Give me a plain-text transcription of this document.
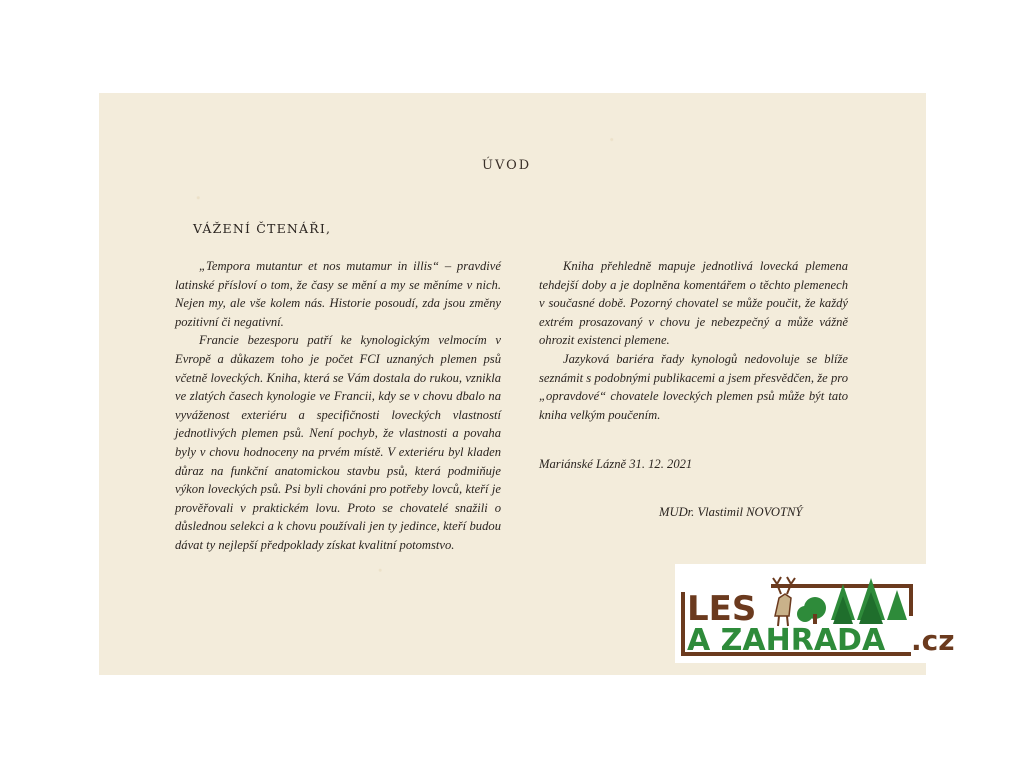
ÚVOD
VÁŽENÍ ČTENÁŘI,

„Tempora mutantur et nos mutamur in illis“ – pravdivé latinské přísloví o tom, že časy se mění a my se měníme v nich. Nejen my, ale vše kolem nás. Historie posoudí, zda jsou změny pozitivní či negativní.

Francie bezesporu patří ke kynologickým velmocím v Evropě a důkazem toho je počet FCI uznaných plemen psů včetně loveckých. Kniha, která se Vám dostala do rukou, vznikla ve zlatých časech kynologie ve Francii, kdy se v chovu dbalo na vyváženost exteriéru a specifičnosti loveckých vlastností jednotlivých plemen psů. Není pochyb, že vlastnosti a povaha byly v chovu hodnoceny na prvém místě. V exteriéru byl kladen důraz na funkční anatomickou stavbu psů, která podmiňuje výkon loveckých psů. Psi byli chováni pro potřeby lovců, kteří je prověřovali v praktickém lovu. Proto se chovatelé snažili o důslednou selekci a k chovu používali jen ty jedince, kteří budou dávat ty nejlepší předpoklady získat kvalitní potomstvo.

Kniha přehledně mapuje jednotlivá lovecká plemena tehdejší doby a je doplněna komentářem o těchto plemenech v současné době. Pozorný chovatel se může poučit, že každý extrém prosazovaný v chovu je nebezpečný a může vážně ohrozit existenci plemene.

Jazyková bariéra řady kynologů nedovoluje se blíže seznámit s podobnými publikacemi a jsem přesvědčen, že pro „opravdové“ chovatele loveckých plemen psů může být tato kniha velkým poučením.

Mariánské Lázně 31. 12. 2021
MUDr. Vlastimil NOVOTNÝ
LES
A ZAHRADA .cz
